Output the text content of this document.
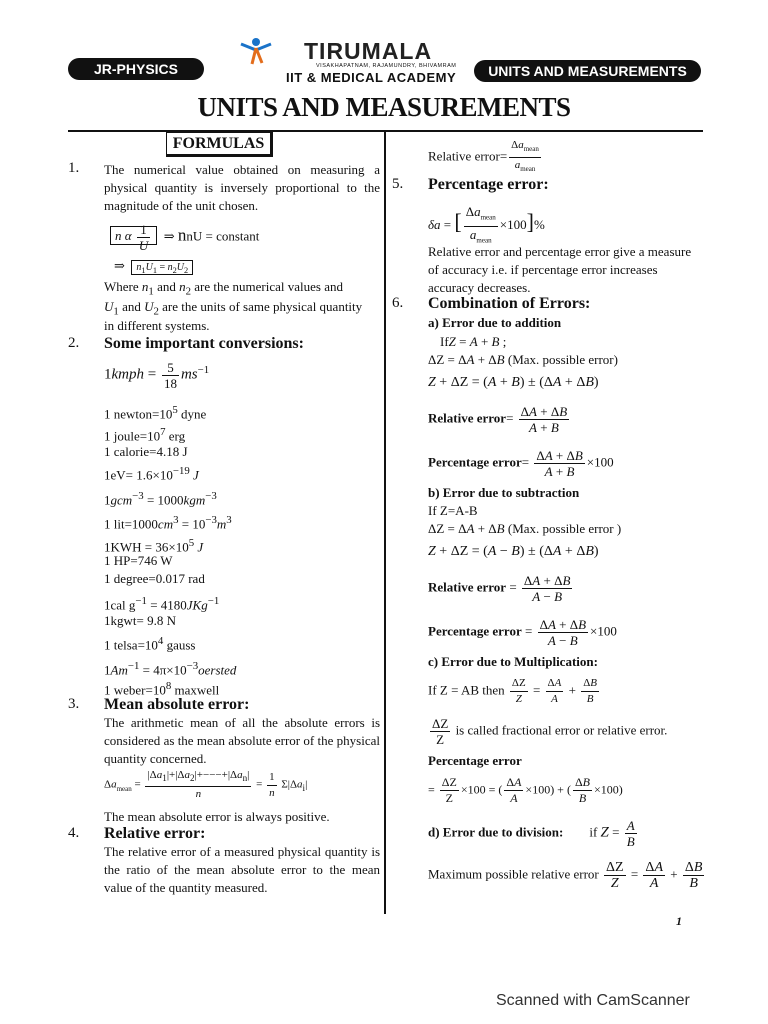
JR-PHYSICS	UNITS AND MEASUREMENTS
TIRUMALA
VISAKHAPATNAM, RAJAMUNDRY, BHIVAMRAM
IIT & MEDICAL ACADEMY
UNITS AND MEASUREMENTS
FORMULAS
1. The numerical value obtained on measuring a physical quantity is inversely proportional to the magnitude of the unit chosen.
n α $\frac{1}{U}$ ⇒ nnU = constant
⇒  $n_1U_1 = n_2U_2$
Where $n_1$ and $n_2$ are the numerical values and
$U_1$ and $U_2$ are the units of same physical quantity
in different systems.
2. Some important conversions:
1kmph = $\frac{5}{18} ms^{-1}$
1 $newton=10^5$ dyne
1 $joule=10^7$ erg
1 calorie=4.18 J
$1eV= 1.6\times 10^{-19}$ J
1gcm$^{-3}$ = 1000kgm$^{-3}$
1 $lit=1000cm^3 = 10^{-3}m^3$
$1KWH = 36\times 10^5$ J
1 HP=746 W
1 degree=0.017 rad
1cal $g^{-1} = 4180JKg^{-1}$
1kgwt= 9.8 N
1 $telsa=10^4$ gauss
$1Am^{-1}$ = $4\pi\times 10^{-3}oersted$
1 $weber=10^8$ maxwell
3. Mean absolute error:
The arithmetic mean of all the absolute errors is considered as the mean absolute error of the physical quantity concerned.
$\Delta a_{mean} = \frac{|\Delta a_1|+|\Delta a_2|+---+|\Delta a_n|}{n} = \frac{1}{n} \Sigma|\Delta a_i|$
The mean absolute error is always positive.
4. Relative error:
The relative error of a measured physical quantity is the ratio of the mean absolute error to the mean value of the quantity measured.
Relative error= $\frac{\Delta a_{mean}}{a_{mean}}$
5. Percentage error:
δa = [ $\frac{\Delta a_{mean}}{a_{mean}} \times 100]\%$
Relative error and percentage error give a measure of accuracy i.e. if percentage error increases accuracy decreases.
6. Combination of Errors:
a) Error due to addition
IfZ = A + B ;
ΔZ = ΔA + ΔB (Max. possible error)
Z + ΔZ = (A + B) ± (ΔA + ΔB)
Relative error= $\frac{\Delta A + \Delta B}{A + B}$
Percentage error= $\frac{\Delta A + \Delta B}{A + B} \times 100$
b) Error due to subtraction
If Z=A-B
ΔZ = ΔA + ΔB (Max. possible error )
Z + ΔZ = (A − B) ± (ΔA + ΔB)
Relative error = $\frac{\Delta A + \Delta B}{A - B}$
Percentage error = $\frac{\Delta A + \Delta B}{A - B} \times 100$
c) Error due to Multiplication:
If Z = AB then $\frac{\Delta Z}{Z} = \frac{\Delta A}{A} + \frac{\Delta B}{B}$
$\frac{\Delta Z}{Z}$ is called fractional error or relative error.
Percentage error
= $\frac{\Delta Z}{Z} \times 100$ = ( $\frac{\Delta A}{A} \times 100$) + ( $\frac{\Delta B}{B} \times 100$)
d) Error due to division: if $Z = \frac{A}{B}$
Maximum possible relative error $\frac{\Delta Z}{Z} = \frac{\Delta A}{A} + \frac{\Delta B}{B}$
1
Scanned with CamScanner
